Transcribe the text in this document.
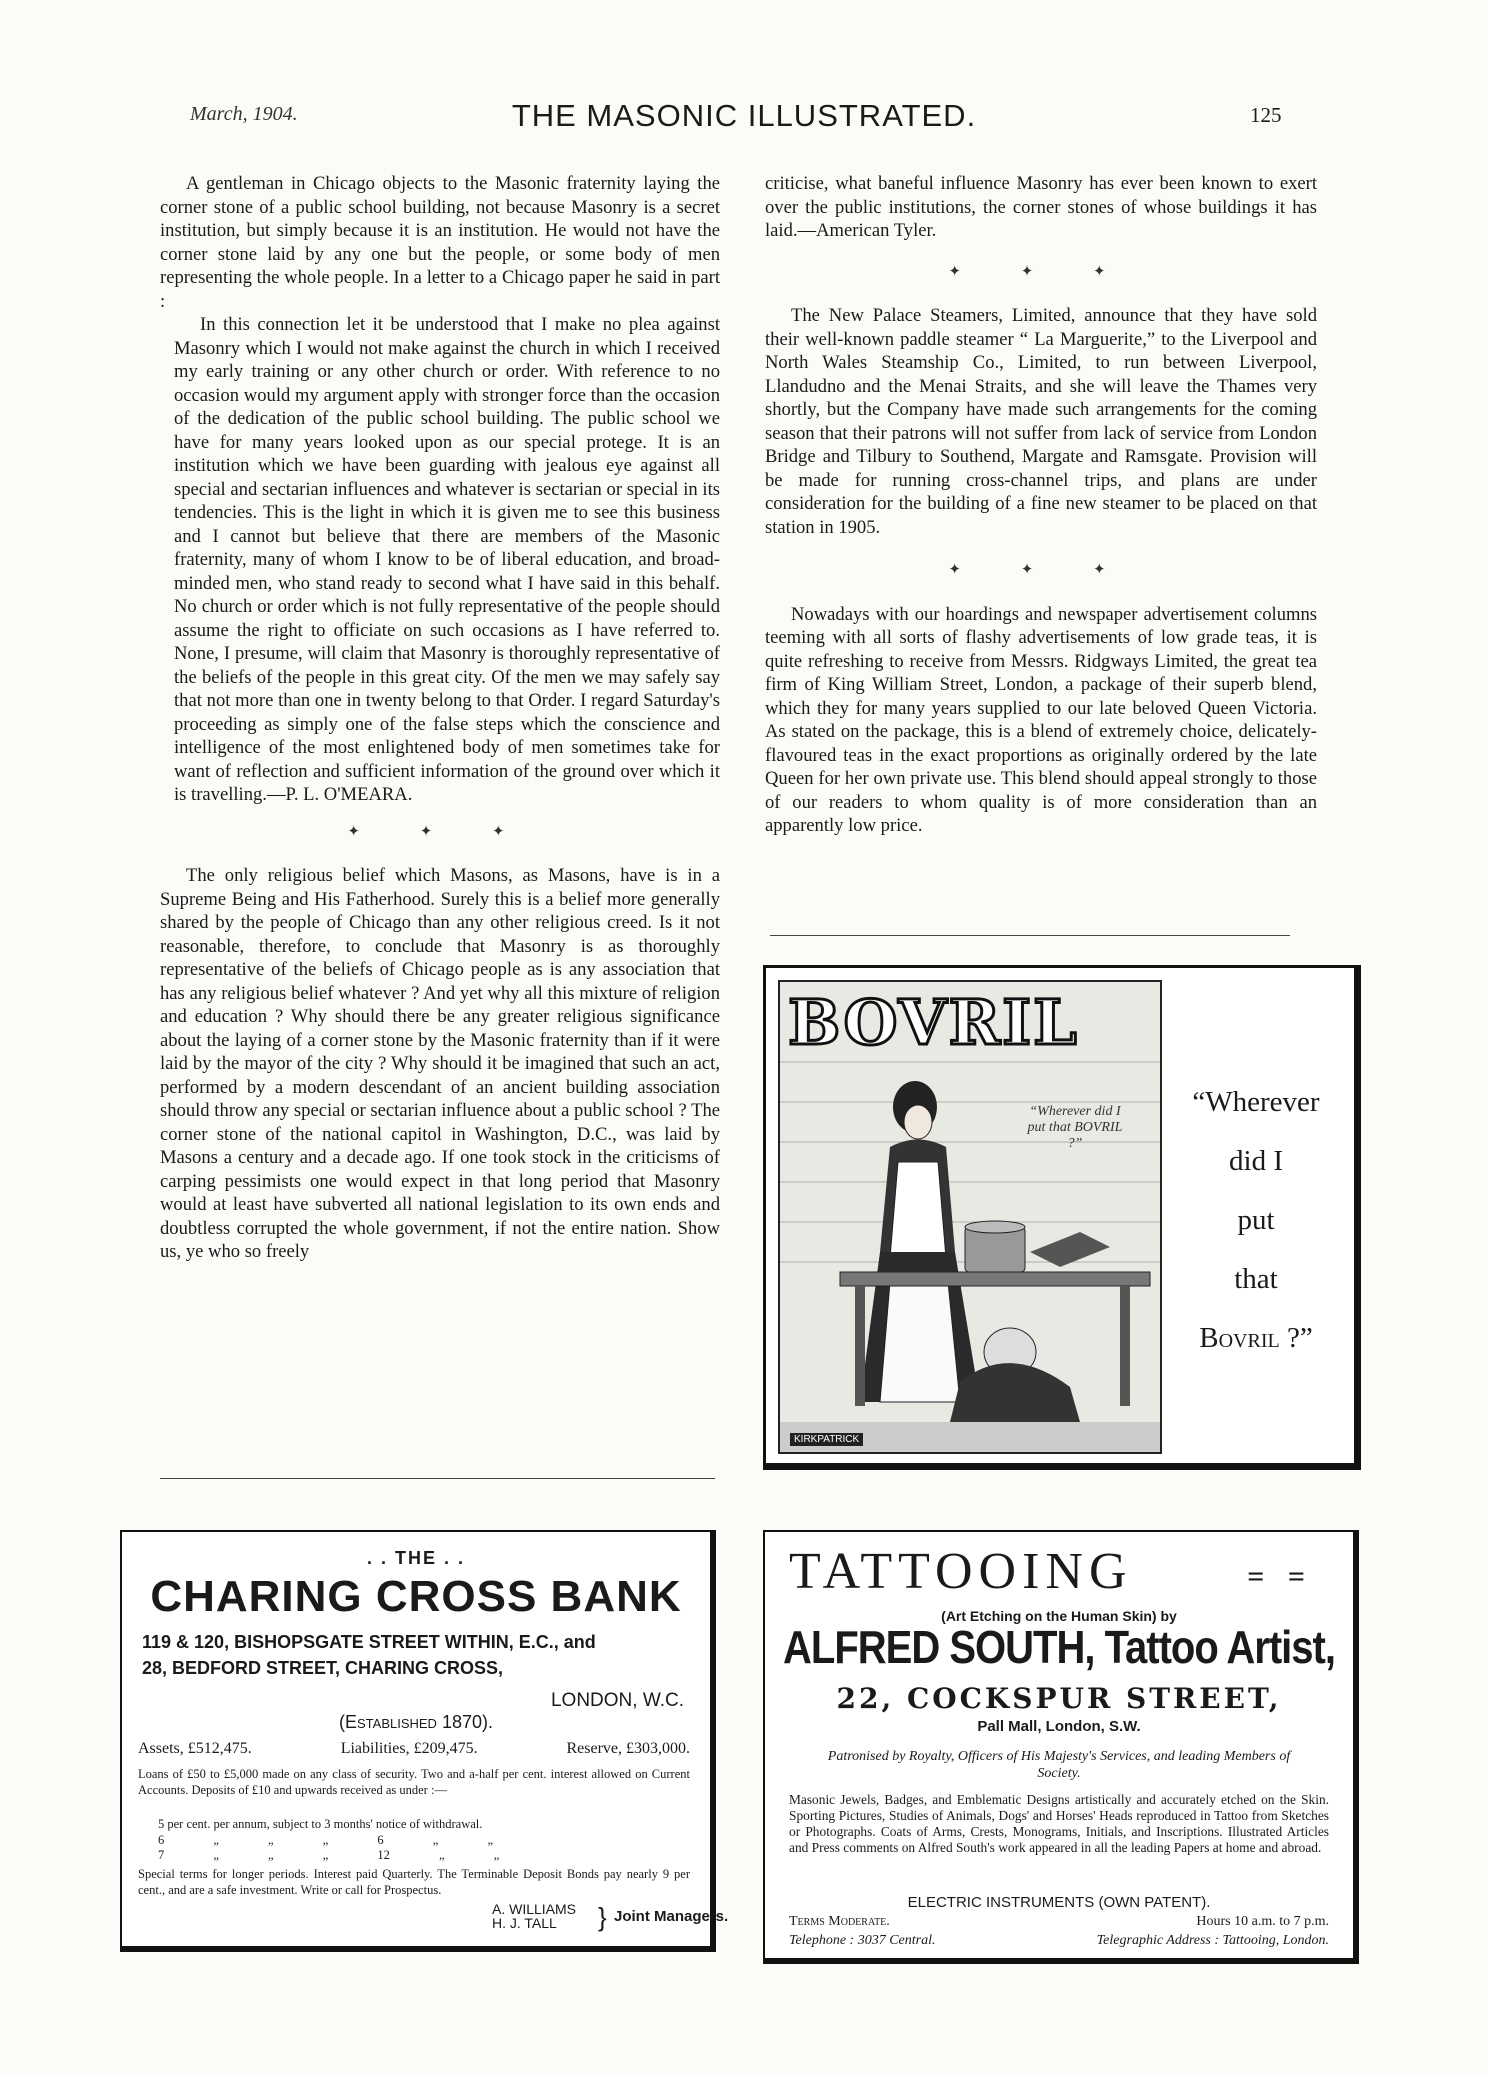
March, 1904.	THE MASONIC ILLUSTRATED.	125

A gentleman in Chicago objects to the Masonic fraternity laying the corner stone of a public school building, not because Masonry is a secret institution, but simply because it is an institution. He would not have the corner stone laid by any one but the people, or some body of men representing the whole people. In a letter to a Chicago paper he said in part :

In this connection let it be understood that I make no plea against Masonry which I would not make against the church in which I received my early training or any other church or order. With reference to no occasion would my argument apply with stronger force than the occasion of the dedication of the public school building. The public school we have for many years looked upon as our special protege. It is an institution which we have been guarding with jealous eye against all special and sectarian influences and whatever is sectarian or special in its tendencies. This is the light in which it is given me to see this business and I cannot but believe that there are members of the Masonic fraternity, many of whom I know to be of liberal education, and broad-minded men, who stand ready to second what I have said in this behalf. No church or order which is not fully representative of the people should assume the right to officiate on such occasions as I have referred to. None, I presume, will claim that Masonry is thoroughly representative of the beliefs of the people in this great city. Of the men we may safely say that not more than one in twenty belong to that Order. I regard Saturday's proceeding as simply one of the false steps which the conscience and intelligence of the most enlightened body of men sometimes take for want of reflection and sufficient information of the ground over which it is travelling.—P. L. O'MEARA.

✦ ✦ ✦

The only religious belief which Masons, as Masons, have is in a Supreme Being and His Fatherhood. Surely this is a belief more generally shared by the people of Chicago than any other religious creed. Is it not reasonable, therefore, to conclude that Masonry is as thoroughly representative of the beliefs of Chicago people as is any association that has any religious belief whatever ? And yet why all this mixture of religion and education ? Why should there be any greater religious significance about the laying of a corner stone by the Masonic fraternity than if it were laid by the mayor of the city ? Why should it be imagined that such an act, performed by a modern descendant of an ancient building association should throw any special or sectarian influence about a public school ? The corner stone of the national capitol in Washington, D.C., was laid by Masons a century and a decade ago. If one took stock in the criticisms of carping pessimists one would expect in that long period that Masonry would at least have subverted all national legislation to its own ends and doubtless corrupted the whole government, if not the entire nation. Show us, ye who so freely

criticise, what baneful influence Masonry has ever been known to exert over the public institutions, the corner stones of whose buildings it has laid.—American Tyler.

✦ ✦ ✦

The New Palace Steamers, Limited, announce that they have sold their well-known paddle steamer “ La Marguerite,” to the Liverpool and North Wales Steamship Co., Limited, to run between Liverpool, Llandudno and the Menai Straits, and she will leave the Thames very shortly, but the Company have made such arrangements for the coming season that their patrons will not suffer from lack of service from London Bridge and Tilbury to Southend, Margate and Ramsgate. Provision will be made for running cross-channel trips, and plans are under consideration for the building of a fine new steamer to be placed on that station in 1905.

✦ ✦ ✦

Nowadays with our hoardings and newspaper advertisement columns teeming with all sorts of flashy advertisements of low grade teas, it is quite refreshing to receive from Messrs. Ridgways Limited, the great tea firm of King William Street, London, a package of their superb blend, which they for many years supplied to our late beloved Queen Victoria. As stated on the package, this is a blend of extremely choice, delicately-flavoured teas in the exact proportions as originally ordered by the late Queen for her own private use. This blend should appeal strongly to those of our readers to whom quality is of more consideration than an apparently low price.

BOVRIL
“Wherever did I put that BOVRIL ?”
KIRKPATRICK
“Wherever
did I
put
that
Bovril ?”
. . THE . .
CHARING CROSS BANK
119 & 120, BISHOPSGATE STREET WITHIN, E.C., and
28, BEDFORD STREET, CHARING CROSS,
LONDON, W.C.
(Established 1870).
Assets, £512,475.	Liabilities, £209,475.	Reserve, £303,000.
Loans of £50 to £5,000 made on any class of security. Two and a-half per cent. interest allowed on Current Accounts. Deposits of £10 and upwards received as under :—
5 per cent. per annum, subject to 3 months' notice of withdrawal.
6 „ „ „ 6 „ „
7 „ „ „ 12 „ „
Special terms for longer periods. Interest paid Quarterly. The Terminable Deposit Bonds pay nearly 9 per cent., and are a safe investment. Write or call for Prospectus.
A. WILLIAMS
H. J. TALL	} Joint Managers.
TATTOOING	= =
(Art Etching on the Human Skin) by
ALFRED SOUTH, Tattoo Artist,
22, COCKSPUR STREET,
Pall Mall, London, S.W.
Patronised by Royalty, Officers of His Majesty's Services, and leading Members of Society.
Masonic Jewels, Badges, and Emblematic Designs artistically and accurately etched on the Skin. Sporting Pictures, Studies of Animals, Dogs' and Horses' Heads reproduced in Tattoo from Sketches or Photographs. Coats of Arms, Crests, Monograms, Initials, and Inscriptions. Illustrated Articles and Press comments on Alfred South's work appeared in all the leading Papers at home and abroad.
ELECTRIC INSTRUMENTS (OWN PATENT).
Terms Moderate.	Hours 10 a.m. to 7 p.m.
Telephone : 3037 Central.	Telegraphic Address : Tattooing, London.
